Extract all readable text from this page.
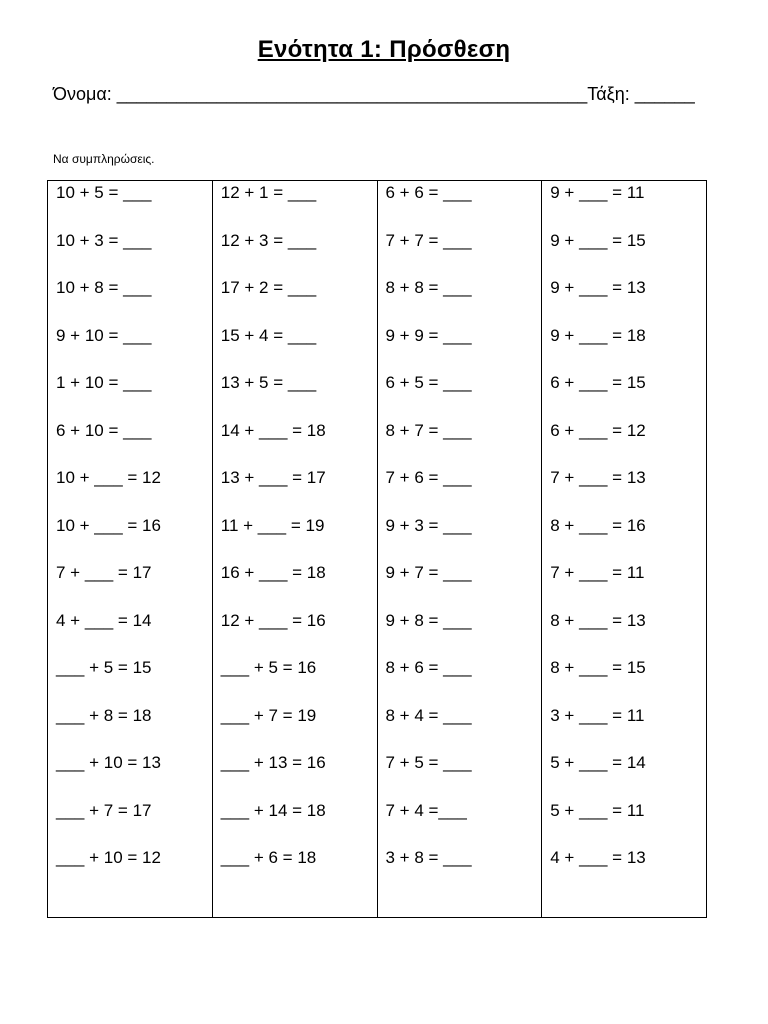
Ενότητα 1: Πρόσθεση
Όνομα: _______________________________________________Τάξη: ______
Να συμπληρώσεις.
10 + 5 = ___
10 + 3 = ___
10 + 8 = ___
9 + 10 = ___
1 + 10 = ___
6 + 10 = ___
10 + ___ = 12
10 + ___ = 16
7 + ___ = 17
4 + ___ = 14
___ + 5 = 15
___ + 8 = 18
___ + 10 = 13
___ + 7 = 17
___ + 10 = 12
12 + 1 = ___
12 + 3 = ___
17 + 2 = ___
15 + 4 = ___
13 + 5 = ___
14 + ___ = 18
13 + ___ = 17
11 + ___ = 19
16 + ___ = 18
12 + ___ = 16
___ + 5 = 16
___ + 7 = 19
___ + 13 = 16
___ + 14 = 18
___ + 6 = 18
6 + 6 = ___
7 + 7 = ___
8 + 8 = ___
9 + 9 = ___
6 + 5 = ___
8 + 7 = ___
7 + 6 = ___
9 + 3 = ___
9 + 7 = ___
9 + 8 = ___
8 + 6 = ___
8 + 4 = ___
7 + 5 = ___
7 + 4 =___
3 + 8 = ___
9 + ___ = 11
9 + ___ = 15
9 + ___ = 13
9 + ___ = 18
6 + ___ = 15
6 + ___ = 12
7 + ___ = 13
8 + ___ = 16
7 + ___ = 11
8 + ___ = 13
8 + ___ = 15
3 + ___ = 11
5 + ___ = 14
5 + ___ = 11
4 + ___ = 13
